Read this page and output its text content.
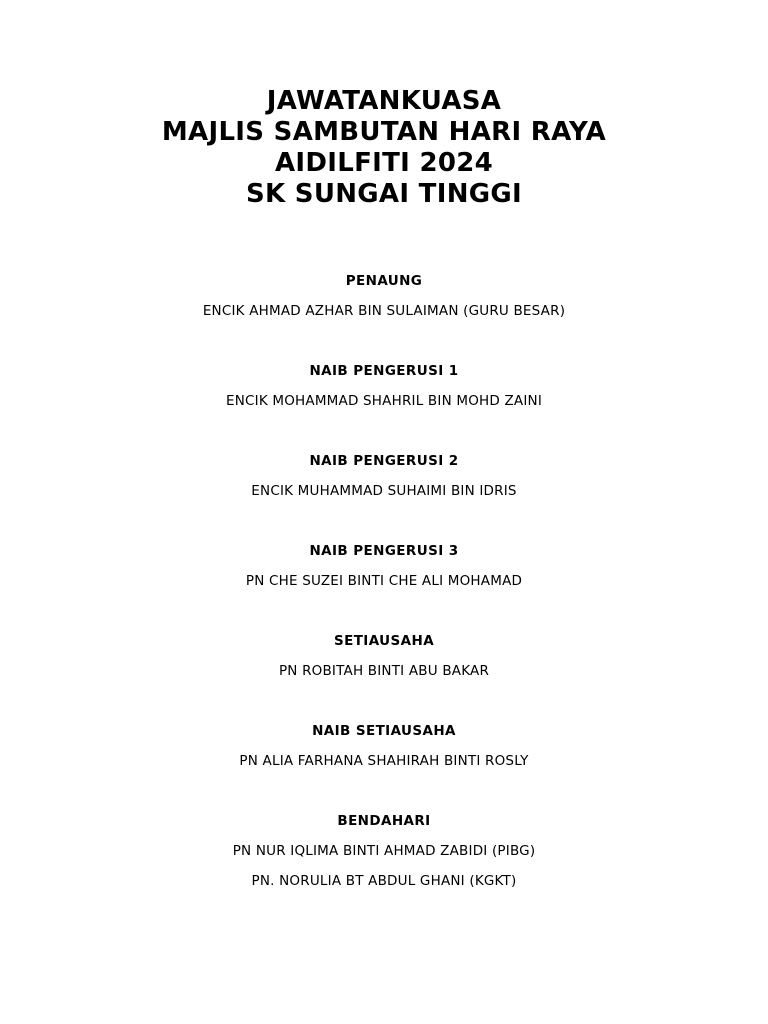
JAWATANKUASA
MAJLIS SAMBUTAN HARI RAYA
AIDILFITI 2024
SK SUNGAI TINGGI
PENAUNG
ENCIK AHMAD AZHAR BIN SULAIMAN (GURU BESAR)
NAIB PENGERUSI 1
ENCIK MOHAMMAD SHAHRIL BIN MOHD ZAINI
NAIB PENGERUSI 2
ENCIK MUHAMMAD SUHAIMI BIN IDRIS
NAIB PENGERUSI 3
PN CHE SUZEI BINTI CHE ALI MOHAMAD
SETIAUSAHA
PN ROBITAH BINTI ABU BAKAR
NAIB SETIAUSAHA
PN ALIA FARHANA SHAHIRAH BINTI ROSLY
BENDAHARI
PN NUR IQLIMA BINTI AHMAD ZABIDI (PIBG)
PN. NORULIA BT ABDUL GHANI (KGKT)
